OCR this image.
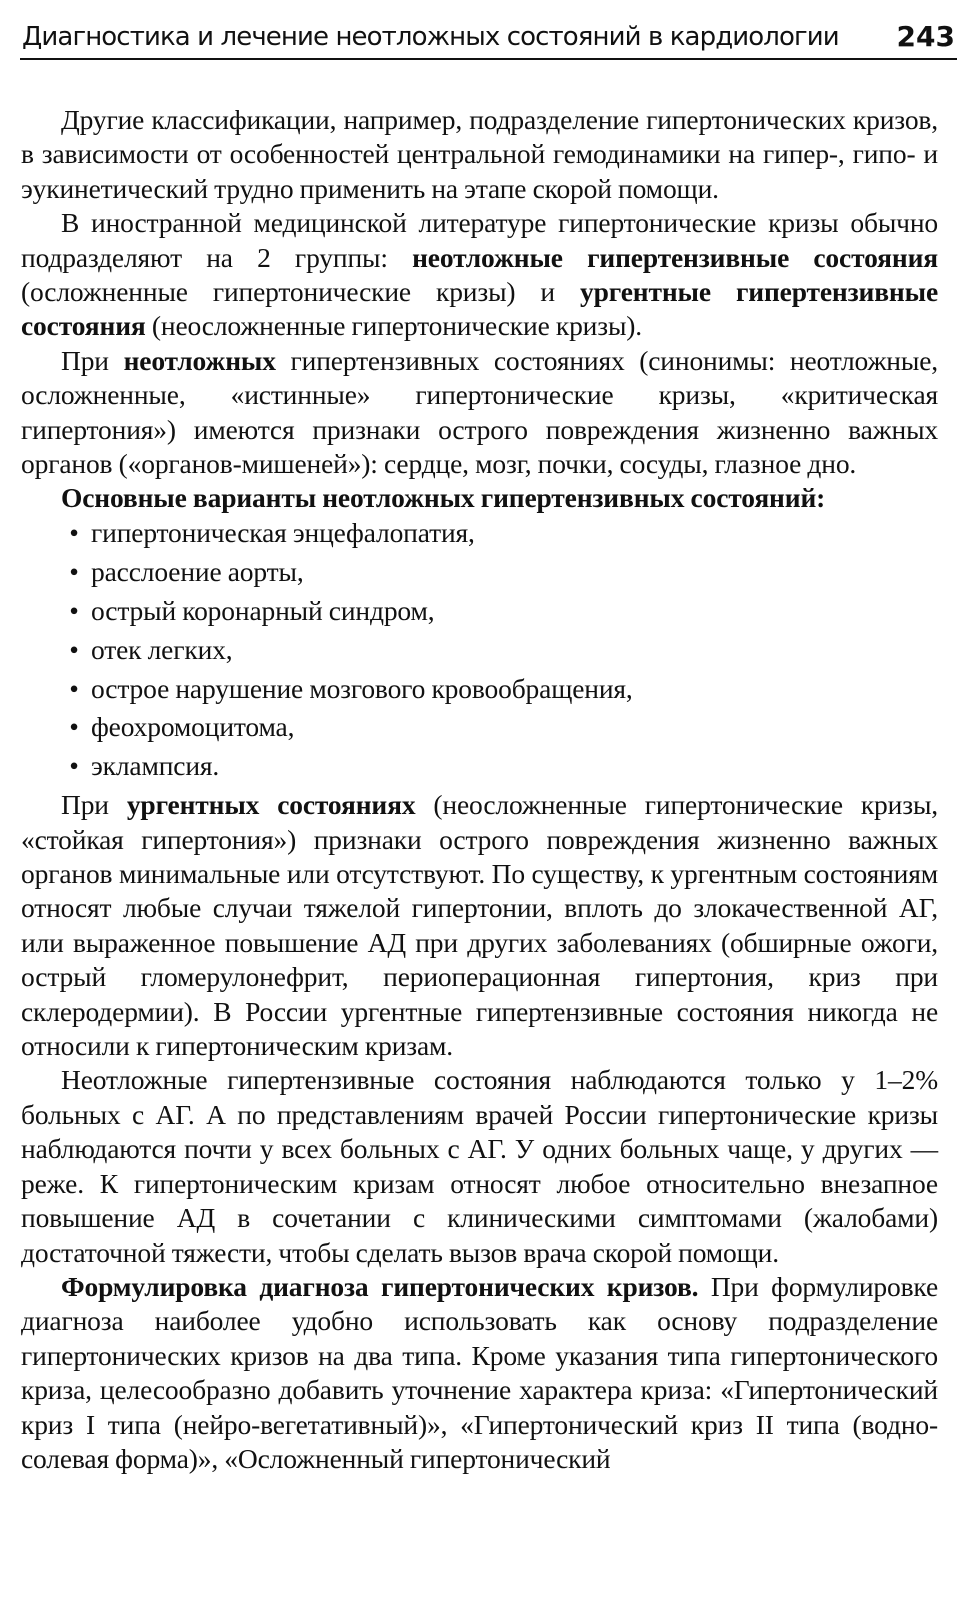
Диагностика и лечение неотложных состояний в кардиологии 243

Другие классификации, например, подразделение гипертонических кризов, в зависимости от особенностей центральной гемодинамики на гипер-, гипо- и эукинетический трудно применить на этапе скорой помощи.

В иностранной медицинской литературе гипертонические кризы обычно подразделяют на 2 группы: неотложные гипертензивные состояния (осложненные гипертонические кризы) и ургентные гипертензивные состояния (неосложненные гипертонические кризы).

При неотложных гипертензивных состояниях (синонимы: неотложные, осложненные, «истинные» гипертонические кризы, «критическая гипертония») имеются признаки острого повреждения жизненно важных органов («органов-мишеней»): сердце, мозг, почки, сосуды, глазное дно.

Основные варианты неотложных гипертензивных состояний:

• гипертоническая энцефалопатия,
• расслоение аорты,
• острый коронарный синдром,
• отек легких,
• острое нарушение мозгового кровообращения,
• феохромоцитома,
• эклампсия.

При ургентных состояниях (неосложненные гипертонические кризы, «стойкая гипертония») признаки острого повреждения жизненно важных органов минимальные или отсутствуют. По существу, к ургентным состояниям относят любые случаи тяжелой гипертонии, вплоть до злокачественной АГ, или выраженное повышение АД при других заболеваниях (обширные ожоги, острый гломерулонефрит, периоперационная гипертония, криз при склеродермии). В России ургентные гипертензивные состояния никогда не относили к гипертоническим кризам.

Неотложные гипертензивные состояния наблюдаются только у 1–2% больных с АГ. А по представлениям врачей России гипертонические кризы наблюдаются почти у всех больных с АГ. У одних больных чаще, у других — реже. К гипертоническим кризам относят любое относительно внезапное повышение АД в сочетании с клиническими симптомами (жалобами) достаточной тяжести, чтобы сделать вызов врача скорой помощи.

Формулировка диагноза гипертонических кризов. При формулировке диагноза наиболее удобно использовать как основу подразделение гипертонических кризов на два типа. Кроме указания типа гипертонического криза, целесообразно добавить уточнение характера криза: «Гипертонический криз I типа (нейро-вегетативный)», «Гипертонический криз II типа (водно-солевая форма)», «Осложненный гипертонический
